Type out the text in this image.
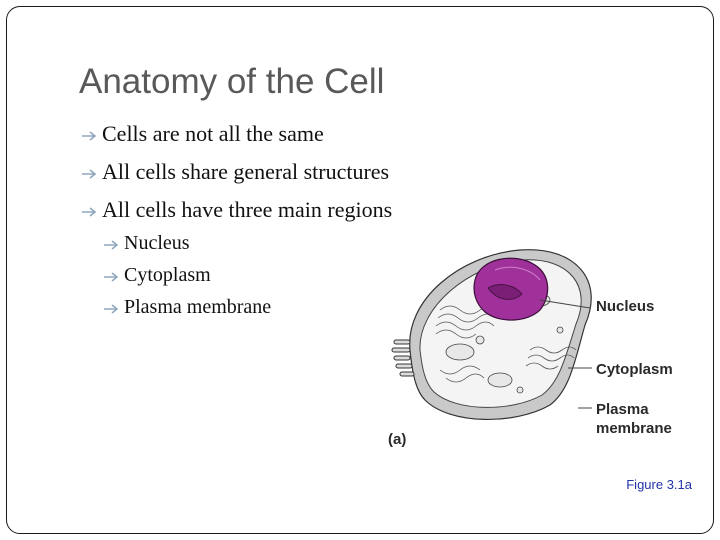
Anatomy of the Cell
Cells are not all the same
All cells share general structures
All cells have three main regions
Nucleus
Cytoplasm
Plasma membrane	Nucleus
Cytoplasm
Plasma
membrane
(a)
Figure 3.1a
